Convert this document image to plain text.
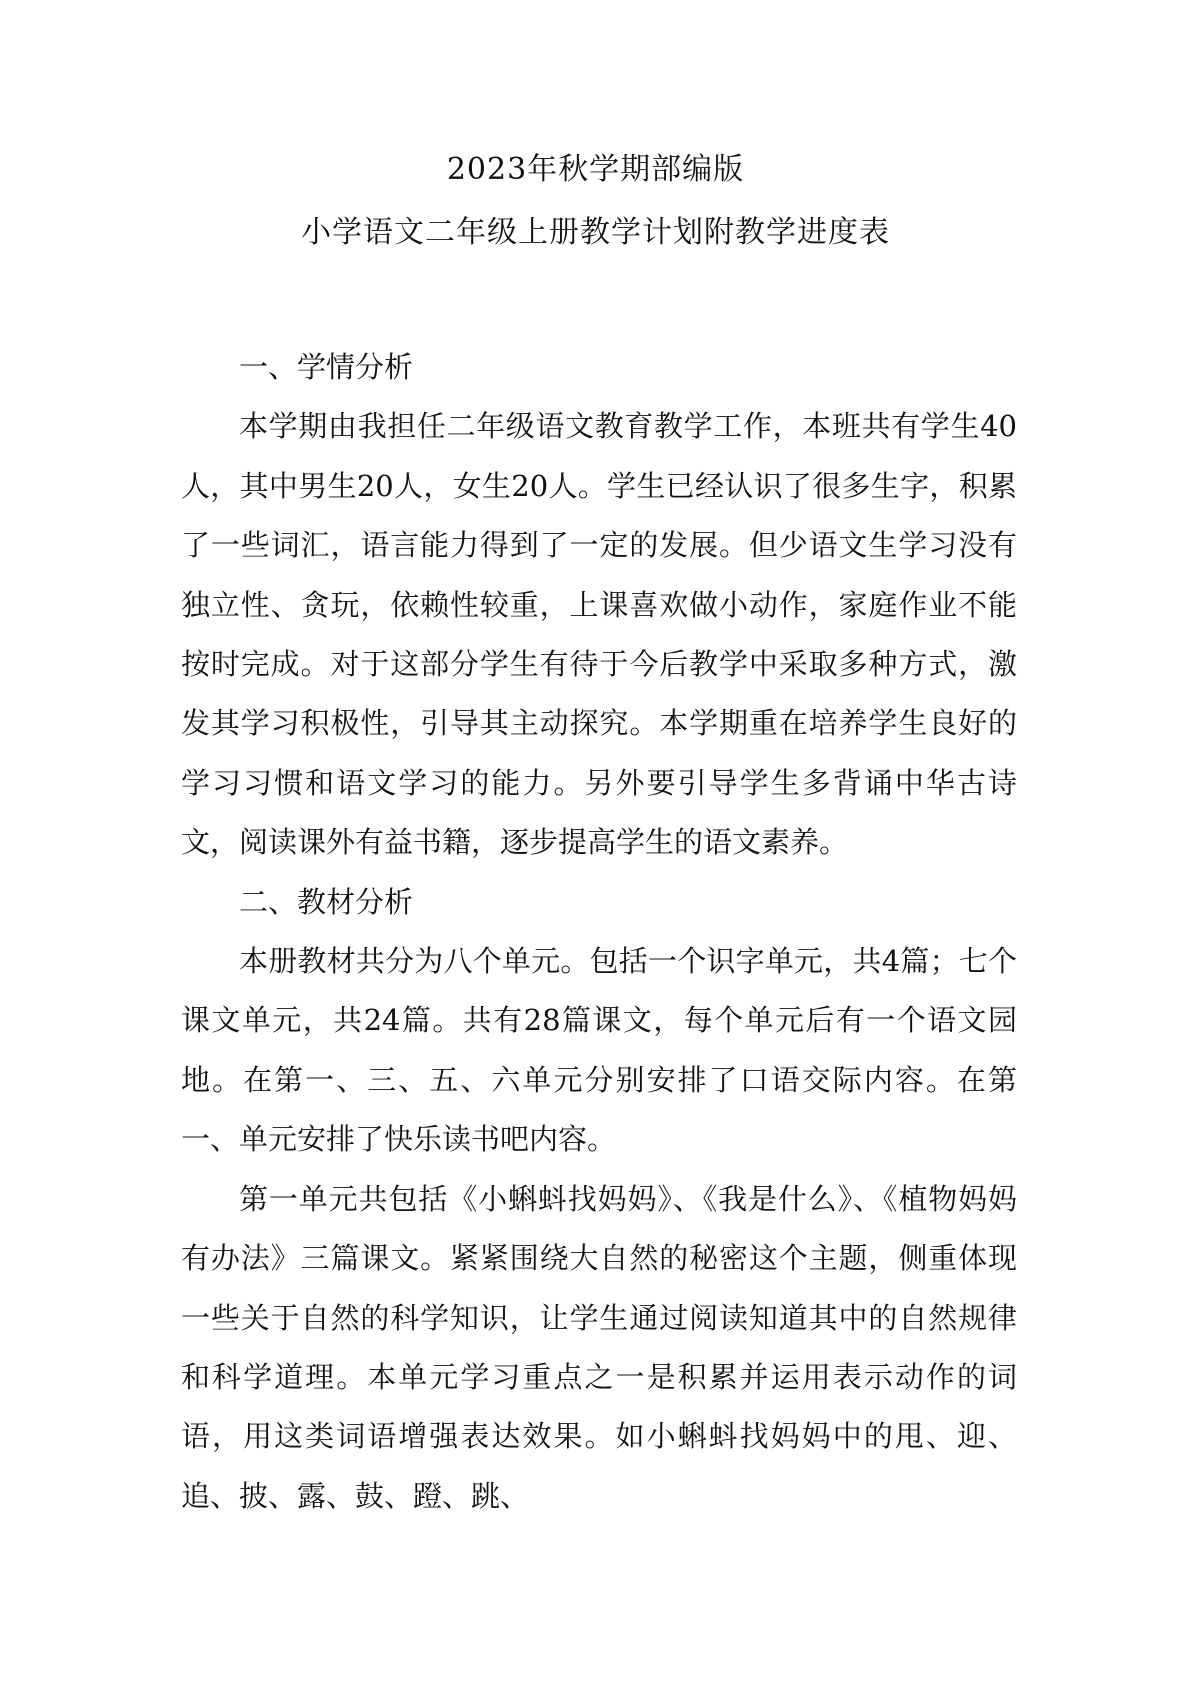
2023年秋学期部编版
小学语文二年级上册教学计划附教学进度表

一、学情分析

本学期由我担任二年级语文教育教学工作，本班共有学生40人，其中男生20人，女生20人。学生已经认识了很多生字，积累了一些词汇，语言能力得到了一定的发展。但少语文生学习没有独立性、贪玩，依赖性较重，上课喜欢做小动作，家庭作业不能按时完成。对于这部分学生有待于今后教学中采取多种方式，激发其学习积极性，引导其主动探究。本学期重在培养学生良好的学习习惯和语文学习的能力。另外要引导学生多背诵中华古诗文，阅读课外有益书籍，逐步提高学生的语文素养。

二、教材分析

本册教材共分为八个单元。包括一个识字单元，共4篇；七个课文单元，共24篇。共有28篇课文，每个单元后有一个语文园地。在第一、三、五、六单元分别安排了口语交际内容。在第一、单元安排了快乐读书吧内容。

第一单元共包括《小蝌蚪找妈妈》、《我是什么》、《植物妈妈有办法》三篇课文。紧紧围绕大自然的秘密这个主题，侧重体现一些关于自然的科学知识，让学生通过阅读知道其中的自然规律和科学道理。本单元学习重点之一是积累并运用表示动作的词语，用这类词语增强表达效果。如小蝌蚪找妈妈中的甩、迎、追、披、露、鼓、蹬、跳、
